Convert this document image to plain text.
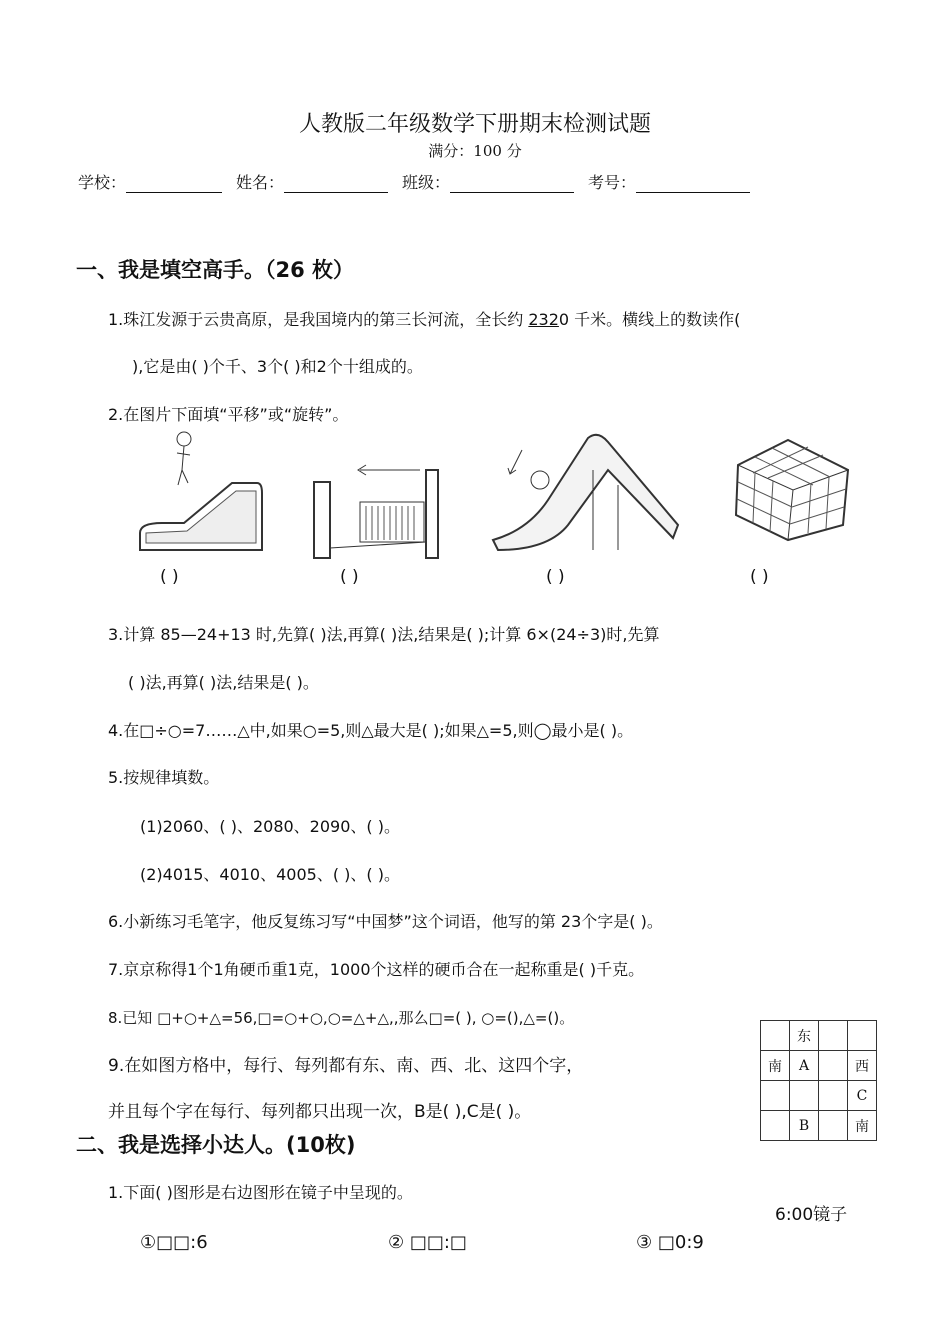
人教版二年级数学下册期末检测试题
满分：100 分
学校：	姓名：	班级：	考号：
一、我是填空高手。（26 枚）
1.珠江发源于云贵高原，是我国境内的第三长河流，全长约 2320 千米。横线上的数读作(
),它是由( )个千、3个( )和2个十组成的。
2.在图片下面填“平移”或“旋转”。
( )	( )	( )	( )
3.计算 85—24+13 时,先算( )法,再算( )法,结果是( );计算 6×(24÷3)时,先算
( )法,再算( )法,结果是( )。
4.在□÷○=7……△中,如果○=5,则△最大是( );如果△=5,则◯最小是( )。
5.按规律填数。
(1)2060、( )、2080、2090、( )。
(2)4015、4010、4005、( )、( )。
6.小新练习毛笔字，他反复练习写“中国梦”这个词语，他写的第 23个字是( )。
7.京京称得1个1角硬币重1克，1000个这样的硬币合在一起称重是( )千克。
8.已知 □+○+△=56,□=○+○,○=△+△,,那么□=( ), ○=(),△=()。
9.在如图方格中，每行、每列都有东、南、西、北、这四个字，
并且每个字在每行、每列都只出现一次，B是( ),C是( )。
	东		
南	A		西
			C
	B		南
二、我是选择小达人。(10枚)
1.下面( )图形是右边图形在镜子中呈现的。
6:00镜子
①□□:6	② □□:□	③ □0:9
